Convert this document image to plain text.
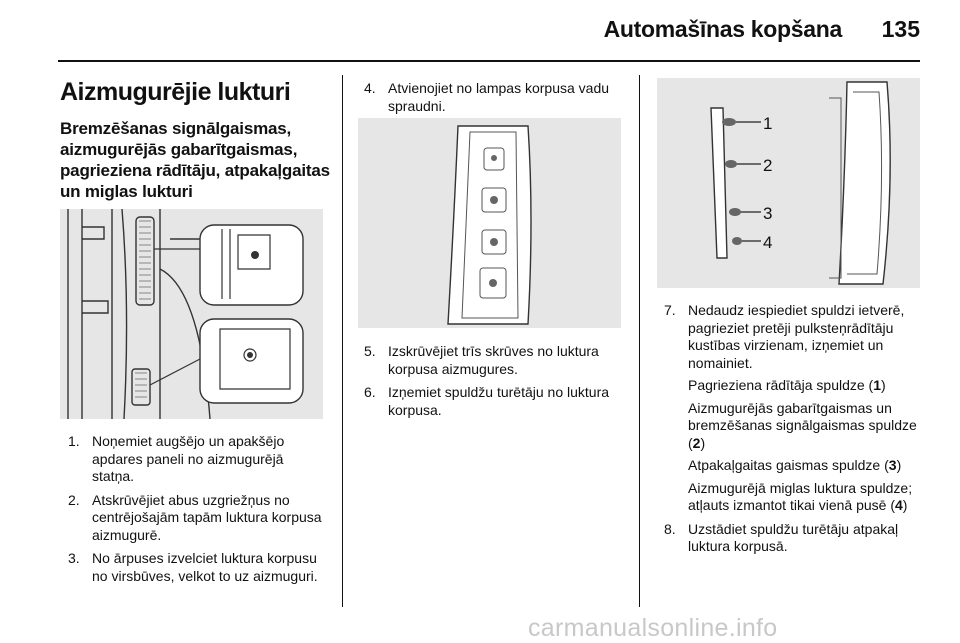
Automašīnas kopšana 135
Aizmugurējie lukturi
Bremzēšanas signālgaismas, aizmugurējās gabarītgaismas, pagrieziena rādītāju, atpakaļgaitas un miglas lukturi
1. Noņemiet augšējo un apakšējo apdares paneli no aizmugurējā statņa.
2. Atskrūvējiet abus uzgriežņus no centrējošajām tapām luktura korpusa aizmugurē.
3. No ārpuses izvelciet luktura korpusu no virsbūves, velkot to uz aizmuguri.
4. Atvienojiet no lampas korpusa vadu spraudni.
5. Izskrūvējiet trīs skrūves no luktura korpusa aizmugures.
6. Izņemiet spuldžu turētāju no luktura korpusa.
1
2
3
4
7. Nedaudz iespiediet spuldzi ietverē, pagrieziet pretēji pulksteņrādītāju kustības virzienam, izņemiet un nomainiet.
Pagrieziena rādītāja spuldze (1)
Aizmugurējās gabarītgaismas un bremzēšanas signālgaismas spuldze (2)
Atpakaļgaitas gaismas spuldze (3)
Aizmugurējā miglas luktura spuldze; atļauts izmantot tikai vienā pusē (4)
8. Uzstādiet spuldžu turētāju atpakaļ luktura korpusā.
carmanualsonline.info
